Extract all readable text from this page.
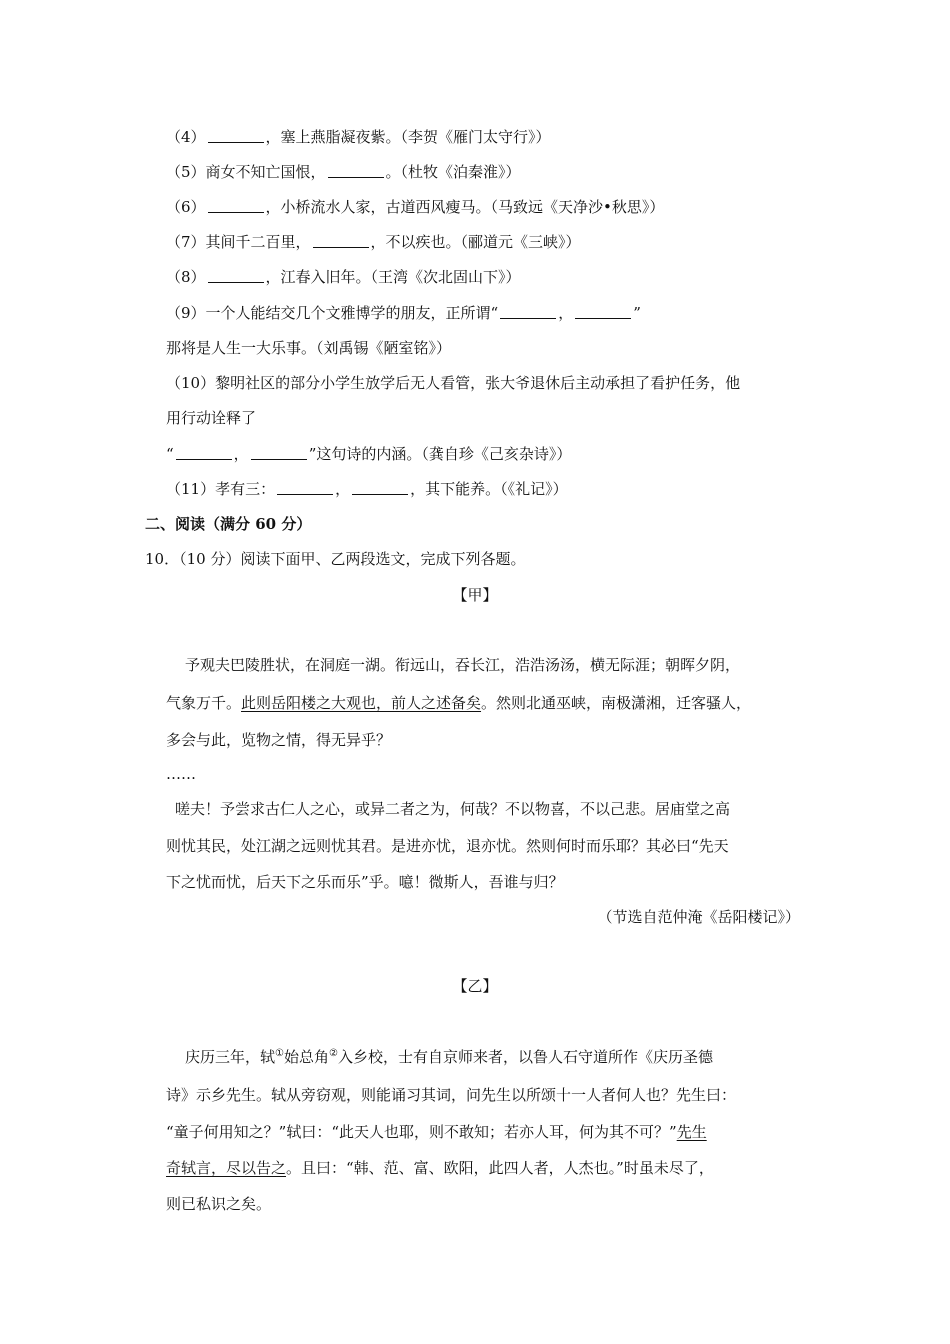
（4）	，塞上燕脂凝夜紫。（李贺《雁门太守行》）
（5）商女不知亡国恨，	。（杜牧《泊秦淮》）
（6）	，小桥流水人家，古道西风瘦马。（马致远《天净沙•秋思》）
（7）其间千二百里，	，不以疾也。（郦道元《三峡》）
（8）	，江春入旧年。（王湾《次北固山下》）
（9）一个人能结交几个文雅博学的朋友，正所谓“	，	”
那将是人生一大乐事。（刘禹锡《陋室铭》）
（10）黎明社区的部分小学生放学后无人看管，张大爷退休后主动承担了看护任务，他
用行动诠释了
“	，	”这句诗的内涵。（龚自珍《己亥杂诗》）
（11）孝有三：	，	，其下能养。（《礼记》）
二、阅读（满分 60 分）
10．（10 分）阅读下面甲、乙两段选文，完成下列各题。
【甲】
予观夫巴陵胜状，在洞庭一湖。衔远山，吞长江，浩浩汤汤，横无际涯；朝晖夕阴，
气象万千。此则岳阳楼之大观也，前人之述备矣。然则北通巫峡，南极潇湘，迁客骚人，
多会与此，览物之情，得无异乎？
……
嗟夫！予尝求古仁人之心，或异二者之为，何哉？不以物喜，不以己悲。居庙堂之高
则忧其民，处江湖之远则忧其君。是进亦忧，退亦忧。然则何时而乐耶？其必曰“先天
下之忧而忧，后天下之乐而乐”乎。噫！微斯人，吾谁与归？
（节选自范仲淹《岳阳楼记》）
【乙】
庆历三年，轼①始总角②入乡校，士有自京师来者，以鲁人石守道所作《庆历圣德
诗》示乡先生。轼从旁窃观，则能诵习其词，问先生以所颂十一人者何人也？先生曰：
“童子何用知之？”轼曰：“此天人也耶，则不敢知；若亦人耳，何为其不可？”先生
奇轼言，尽以告之。且曰：“韩、范、富、欧阳，此四人者，人杰也。”时虽未尽了，
则已私识之矣。
